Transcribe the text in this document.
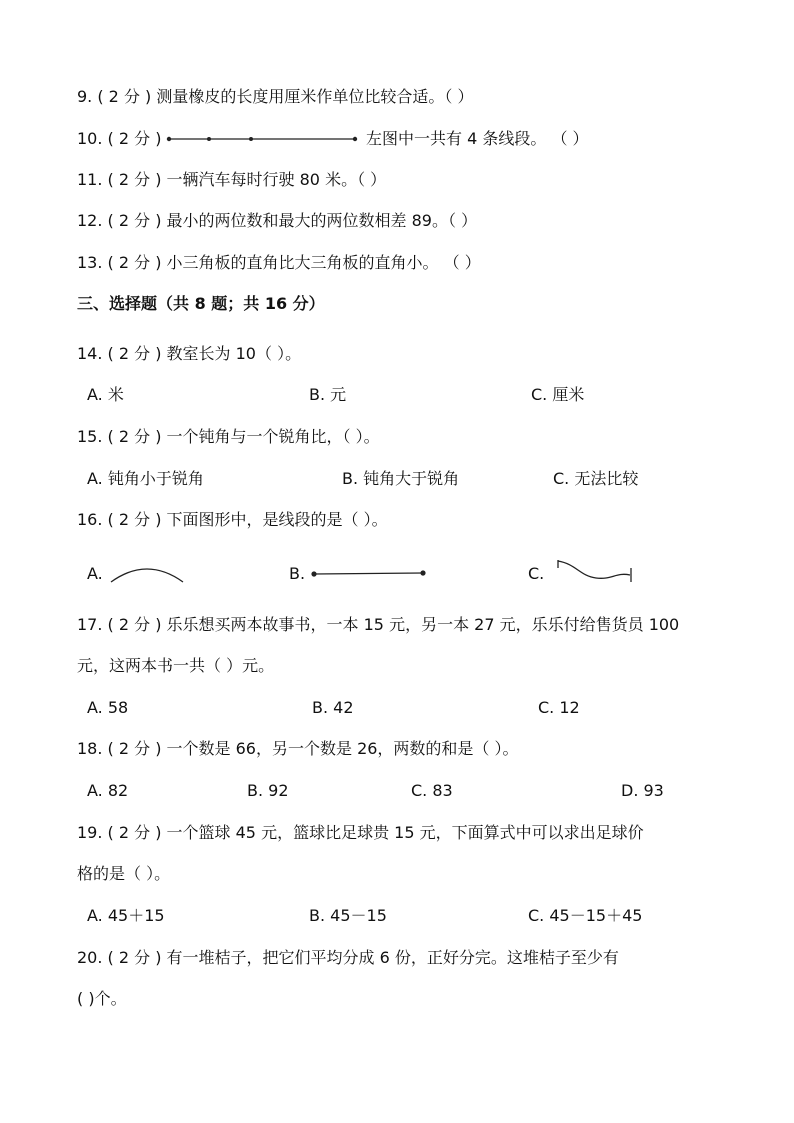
9. ( 2 分 ) 测量橡皮的长度用厘米作单位比较合适。（ ）
10. ( 2 分 )	左图中一共有 4 条线段。 （ ）
11. ( 2 分 ) 一辆汽车每时行驶 80 米。（ ）
12. ( 2 分 ) 最小的两位数和最大的两位数相差 89。（ ）
13. ( 2 分 ) 小三角板的直角比大三角板的直角小。 （ ）
三、选择题（共 8 题；共 16 分）
14. ( 2 分 ) 教室长为 10（ ）。
A. 米	B. 元	C. 厘米
15. ( 2 分 ) 一个钝角与一个锐角比，（ ）。
A. 钝角小于锐角	B. 钝角大于锐角	C. 无法比较
16. ( 2 分 ) 下面图形中，是线段的是（ ）。
A.	B.	C.
17. ( 2 分 ) 乐乐想买两本故事书，一本 15 元，另一本 27 元，乐乐付给售货员 100
元，这两本书一共（ ）元。
A. 58	B. 42	C. 12
18. ( 2 分 ) 一个数是 66，另一个数是 26，两数的和是（ ）。
A. 82	B. 92	C. 83	D. 93
19. ( 2 分 ) 一个篮球 45 元，篮球比足球贵 15 元，下面算式中可以求出足球价
格的是（ ）。
A. 45＋15	B. 45－15	C. 45－15＋45
20. ( 2 分 ) 有一堆桔子，把它们平均分成 6 份，正好分完。这堆桔子至少有
( )个。
